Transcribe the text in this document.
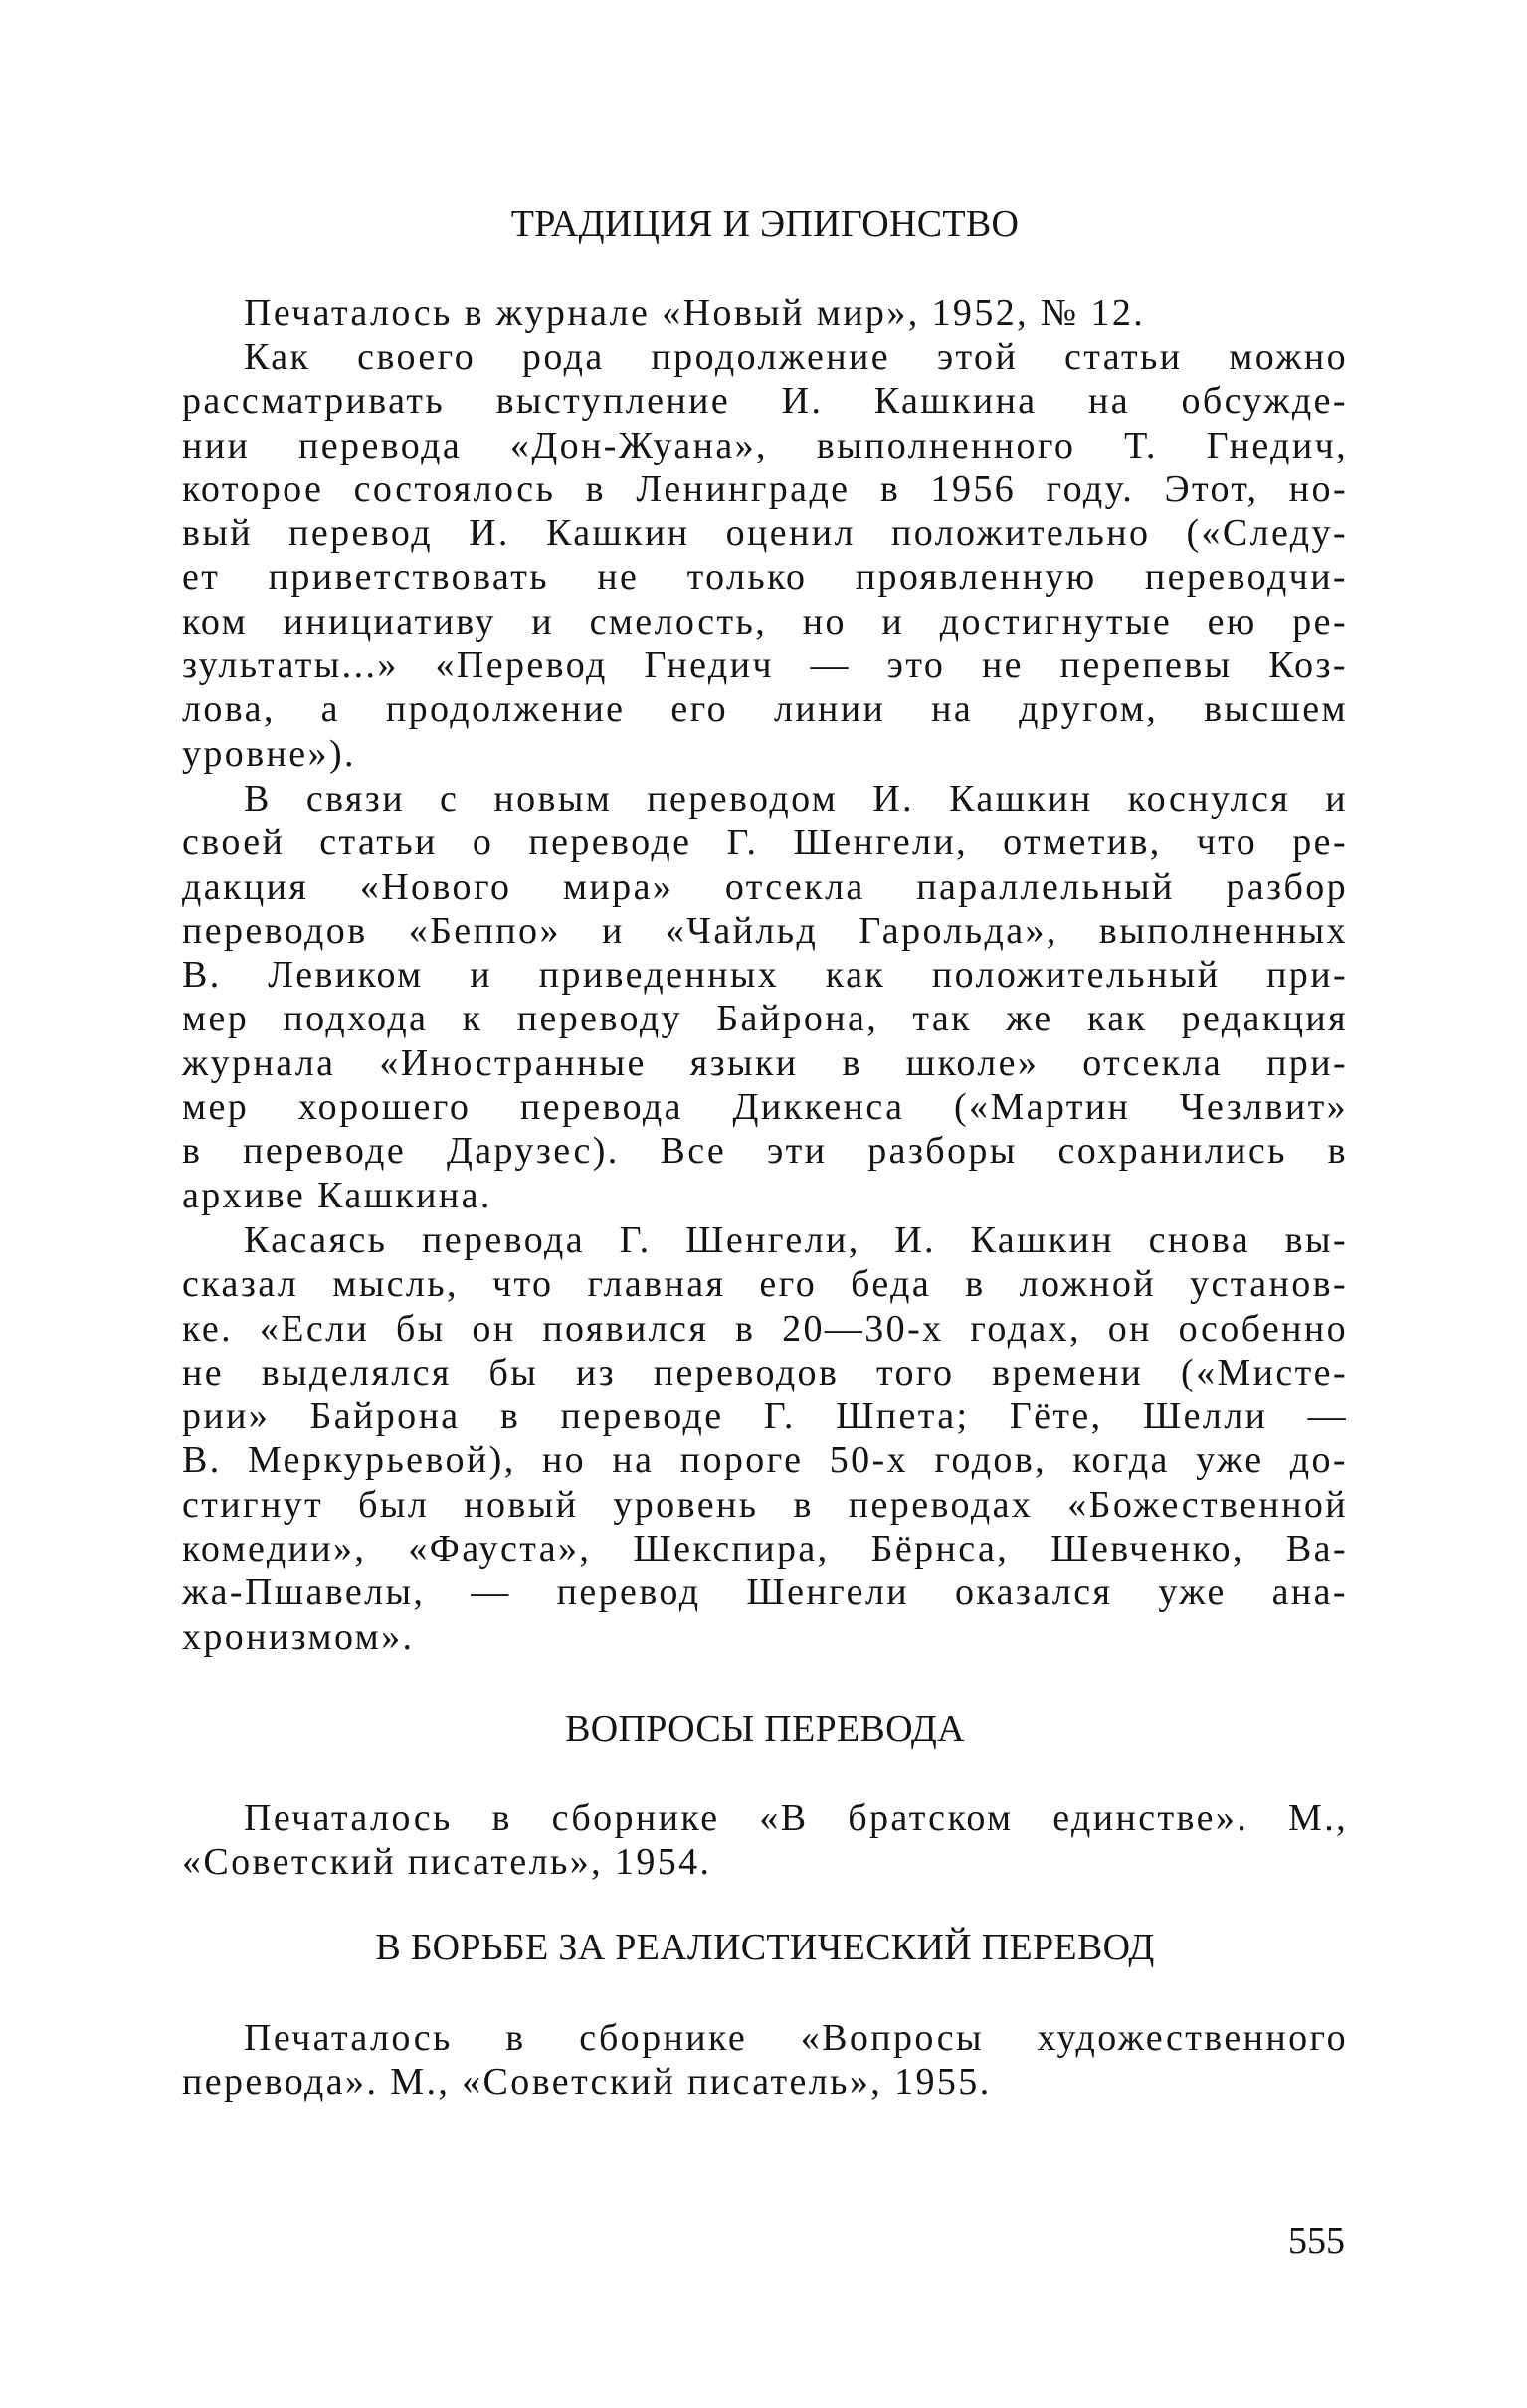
ТРАДИЦИЯ И ЭПИГОНСТВО
Печаталось в журнале «Новый мир», 1952, № 12.
Как своего рода продолжение этой статьи можно
рассматривать выступление И. Кашкина на обсужде-
нии перевода «Дон-Жуана», выполненного Т. Гнедич,
которое состоялось в Ленинграде в 1956 году. Этот, но-
вый перевод И. Кашкин оценил положительно («Следу-
ет приветствовать не только проявленную переводчи-
ком инициативу и смелость, но и достигнутые ею ре-
зультаты...» «Перевод Гнедич — это не перепевы Коз-
лова, а продолжение его линии на другом, высшем
уровне»).
В связи с новым переводом И. Кашкин коснулся и
своей статьи о переводе Г. Шенгели, отметив, что ре-
дакция «Нового мира» отсекла параллельный разбор
переводов «Беппо» и «Чайльд Гарольда», выполненных
В. Левиком и приведенных как положительный при-
мер подхода к переводу Байрона, так же как редакция
журнала «Иностранные языки в школе» отсекла при-
мер хорошего перевода Диккенса («Мартин Чезлвит»
в переводе Дарузес). Все эти разборы сохранились в
архиве Кашкина.
Касаясь перевода Г. Шенгели, И. Кашкин снова вы-
сказал мысль, что главная его беда в ложной установ-
ке. «Если бы он появился в 20—30-х годах, он особенно
не выделялся бы из переводов того времени («Мисте-
рии» Байрона в переводе Г. Шпета; Гёте, Шелли —
В. Меркурьевой), но на пороге 50-х годов, когда уже до-
стигнут был новый уровень в переводах «Божественной
комедии», «Фауста», Шекспира, Бёрнса, Шевченко, Ва-
жа-Пшавелы, — перевод Шенгели оказался уже ана-
хронизмом».
ВОПРОСЫ ПЕРЕВОДА
Печаталось в сборнике «В братском единстве». М.,
«Советский писатель», 1954.
В БОРЬБЕ ЗА РЕАЛИСТИЧЕСКИЙ ПЕРЕВОД
Печаталось в сборнике «Вопросы художественного
перевода». М., «Советский писатель», 1955.
555
